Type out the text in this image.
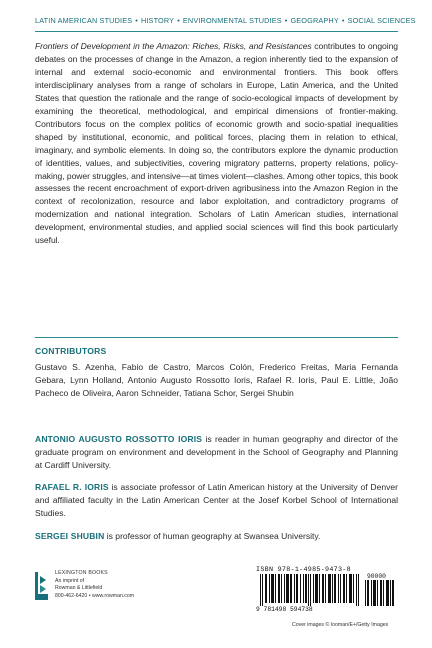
LATIN AMERICAN STUDIES • HISTORY • ENVIRONMENTAL STUDIES • GEOGRAPHY • SOCIAL SCIENCES
Frontiers of Development in the Amazon: Riches, Risks, and Resistances contributes to ongoing debates on the processes of change in the Amazon, a region inherently tied to the expansion of internal and external socio-economic and environmental frontiers. This book offers interdisciplinary analyses from a range of scholars in Europe, Latin America, and the United States that question the rationale and the range of socio-ecological impacts of development by examining the theoretical, methodological, and empirical dimensions of frontier-making. Contributors focus on the complex politics of economic growth and socio-spatial inequalities shaped by institutional, economic, and political forces, placing them in relation to ethical, imaginary, and symbolic elements. In doing so, the contributors explore the dynamic production of identities, values, and subjectivities, covering migratory patterns, property relations, policy-making, power struggles, and intensive—at times violent—clashes. Among other topics, this book assesses the recent encroachment of export-driven agribusiness into the Amazon Region in the context of recolonization, resource and labor exploitation, and contradictory programs of modernization and national integration. Scholars of Latin American studies, international development, environmental studies, and applied social sciences will find this book particularly useful.
CONTRIBUTORS
Gustavo S. Azenha, Fabio de Castro, Marcos Colón, Frederico Freitas, Maria Fernanda Gebara, Lynn Holland, Antonio Augusto Rossotto Ioris, Rafael R. Ioris, Paul E. Little, João Pacheco de Oliveira, Aaron Schneider, Tatiana Schor, Sergei Shubin
ANTONIO AUGUSTO ROSSOTTO IORIS is reader in human geography and director of the graduate program on environment and development in the School of Geography and Planning at Cardiff University.
RAFAEL R. IORIS is associate professor of Latin American history at the University of Denver and affiliated faculty in the Latin American Center at the Josef Korbel School of International Studies.
SERGEI SHUBIN is professor of human geography at Swansea University.
LEXINGTON BOOKS
An imprint of
Rowman & Littlefield
800-462-6420 • www.rowman.com
ISBN 978-1-4985-9473-8
90000
9 781498 594738
Cover images © Iooman/E+/Getty Images
